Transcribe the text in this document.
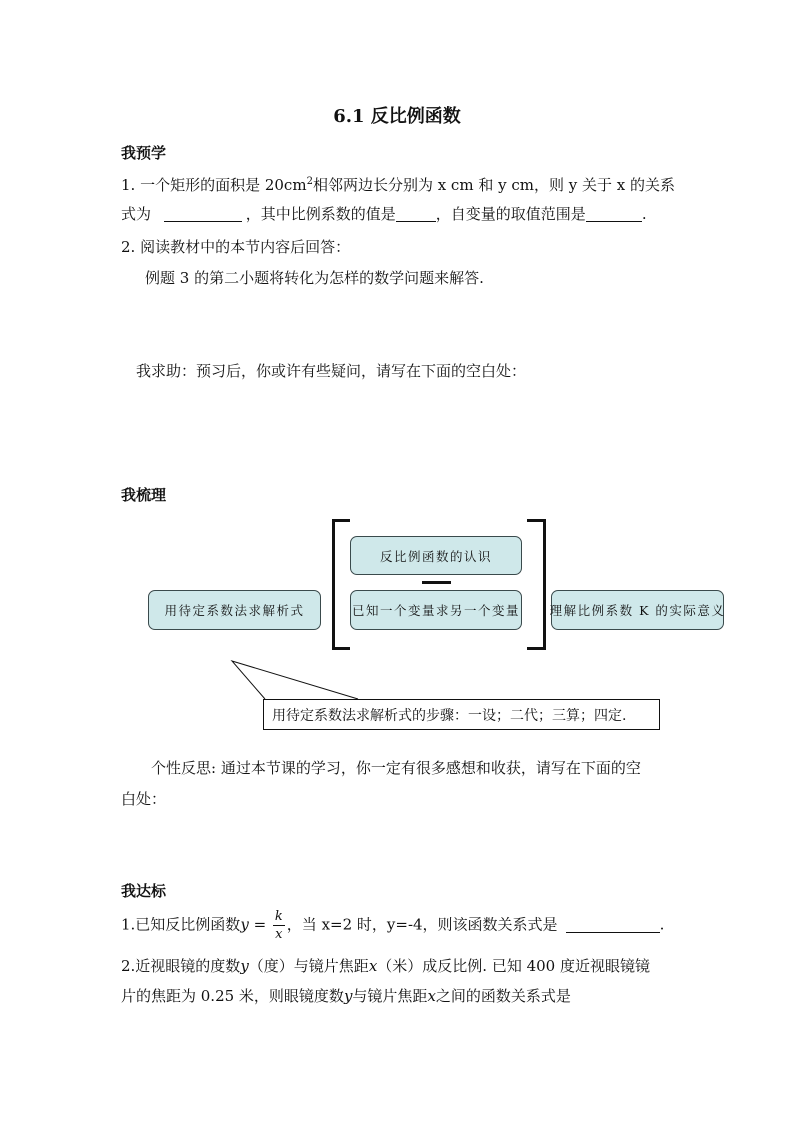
6.1 反比例函数
我预学
1. 一个矩形的面积是 $20cm^2$相邻两边长分别为 x cm 和 y cm，则 y 关于 x 的关系
式为	，其中比例系数的值是	，自变量的取值范围是	.
2. 阅读教材中的本节内容后回答：
例题 3 的第二小题将转化为怎样的数学问题来解答.
我求助：预习后，你或许有些疑问，请写在下面的空白处：
我梳理
反比例函数的认识
已知一个变量求另一个变量
用待定系数法求解析式	理解比例系数 K 的实际意义
用待定系数法求解析式的步骤：一设；二代；三算；四定.
个性反思: 通过本节课的学习，你一定有很多感想和收获，请写在下面的空
白处：
我达标
1.已知反比例函数$y = \frac{k}{x}$ ，当 x=2 时，y=-4，则该函数关系式是	.
2.近视眼镜的度数y（度）与镜片焦距x（米）成反比例. 已知 400 度近视眼镜镜
片的焦距为 0.25 米，则眼镜度数y与镜片焦距x之间的函数关系式是
